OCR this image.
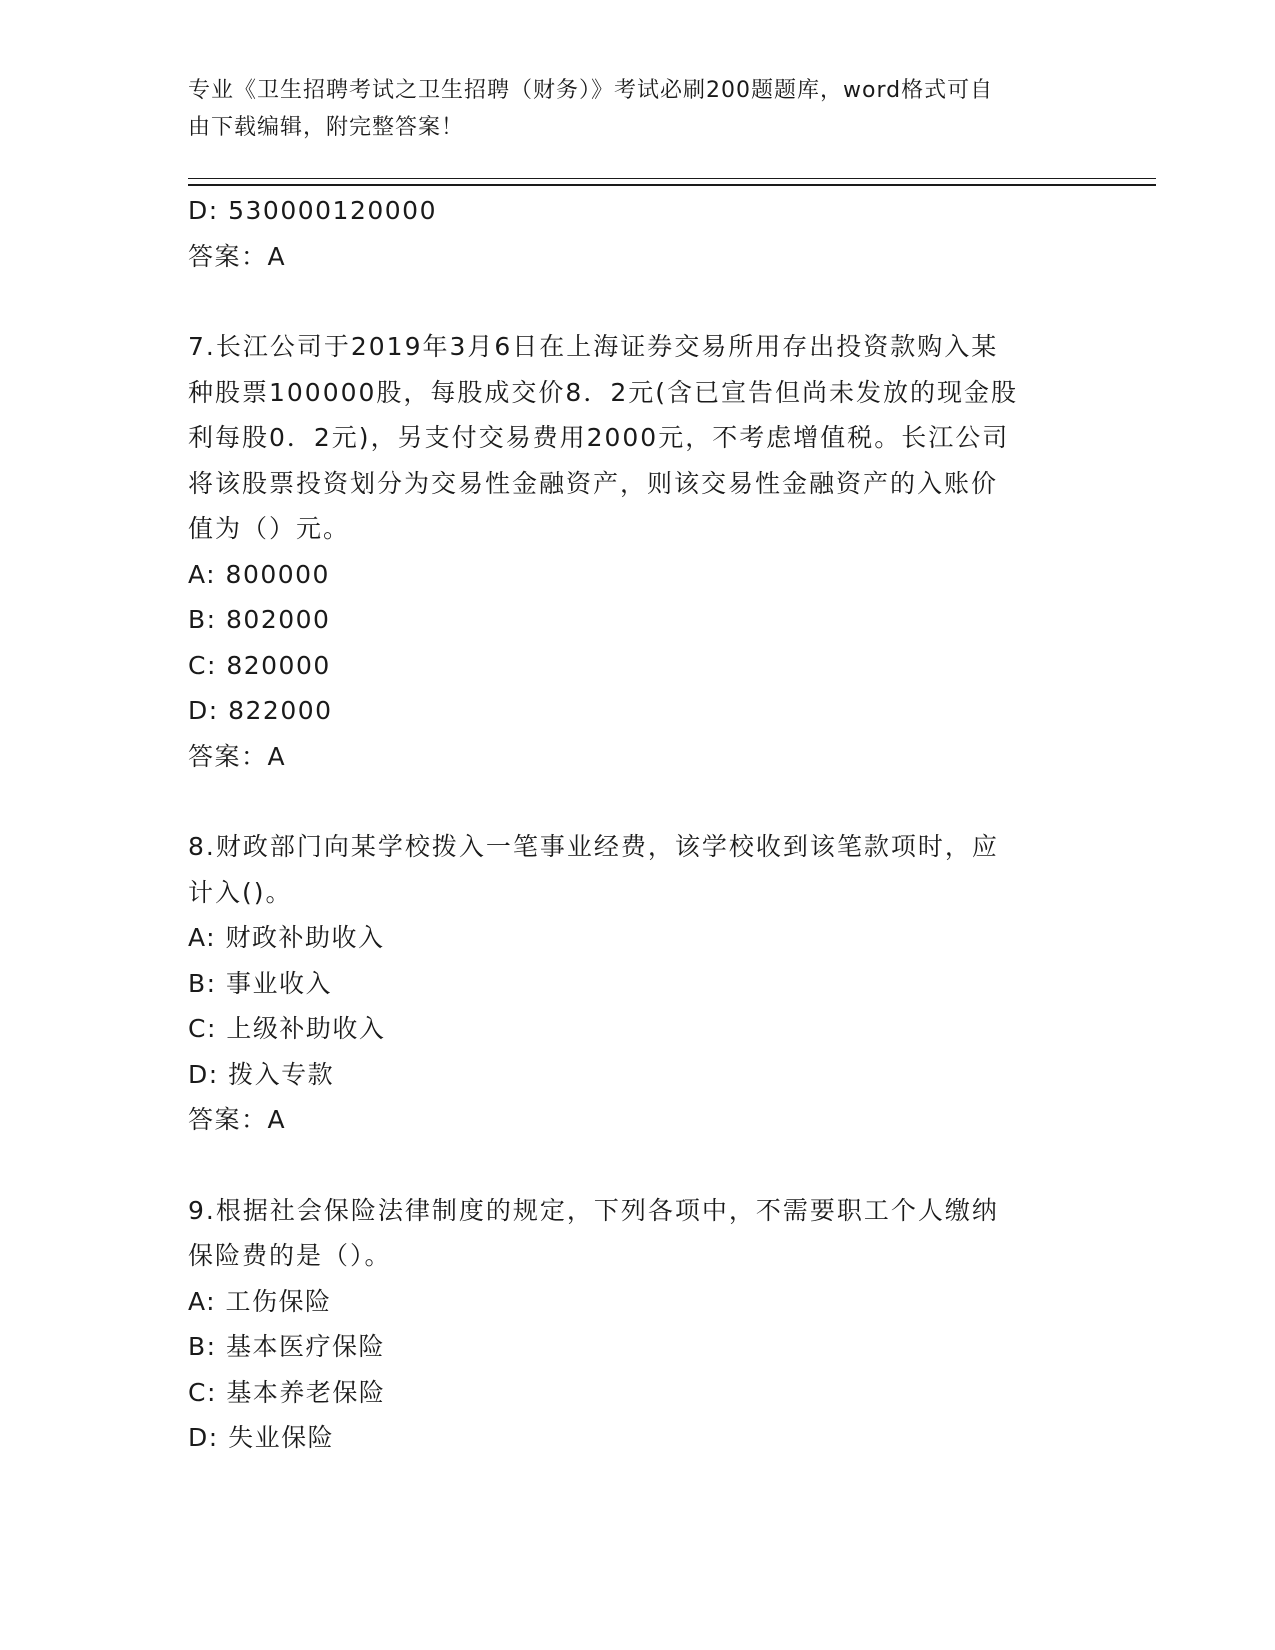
专业《卫生招聘考试之卫生招聘（财务）》考试必刷200题题库，word格式可自
由下载编辑，附完整答案！
D: 530000120000
答案：A
7.长江公司于2019年3月6日在上海证券交易所用存出投资款购入某
种股票100000股，每股成交价8．2元(含已宣告但尚未发放的现金股
利每股0．2元)，另支付交易费用2000元，不考虑增值税。长江公司
将该股票投资划分为交易性金融资产，则该交易性金融资产的入账价
值为（）元。
A: 800000
B: 802000
C: 820000
D: 822000
答案：A
8.财政部门向某学校拨入一笔事业经费，该学校收到该笔款项时，应
计入()。
A: 财政补助收入
B: 事业收入
C: 上级补助收入
D: 拨入专款
答案：A
9.根据社会保险法律制度的规定，下列各项中，不需要职工个人缴纳
保险费的是（）。
A: 工伤保险
B: 基本医疗保险
C: 基本养老保险
D: 失业保险
